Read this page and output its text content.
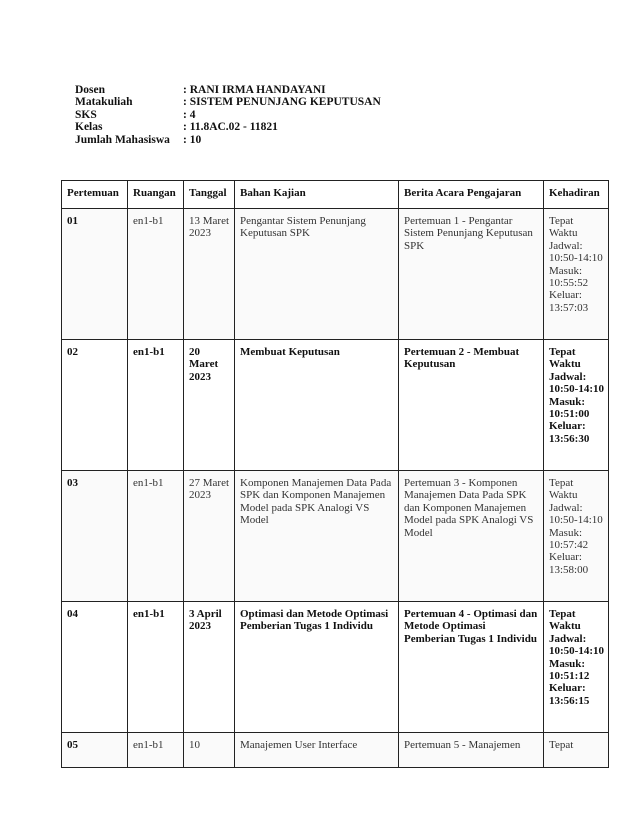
Dosen	: RANI IRMA HANDAYANI
Matakuliah	: SISTEM PENUNJANG KEPUTUSAN
SKS	: 4
Kelas	: 11.8AC.02 - 11821
Jumlah Mahasiswa	: 10
Pertemuan	Ruangan	Tanggal	Bahan Kajian	Berita Acara Pengajaran	Kehadiran
01	en1-b1	13 Maret 2023	Pengantar Sistem Penunjang Keputusan SPK	Pertemuan 1 - Pengantar Sistem Penunjang Keputusan SPK	Tepat Waktu Jadwal: 10:50-14:10 Masuk: 10:55:52 Keluar: 13:57:03
02	en1-b1	20 Maret 2023	Membuat Keputusan	Pertemuan 2 - Membuat Keputusan	Tepat Waktu Jadwal: 10:50-14:10 Masuk: 10:51:00 Keluar: 13:56:30
03	en1-b1	27 Maret 2023	Komponen Manajemen Data Pada SPK dan Komponen Manajemen Model pada SPK Analogi VS Model	Pertemuan 3 - Komponen Manajemen Data Pada SPK dan Komponen Manajemen Model pada SPK Analogi VS Model	Tepat Waktu Jadwal: 10:50-14:10 Masuk: 10:57:42 Keluar: 13:58:00
04	en1-b1	3 April 2023	Optimasi dan Metode Optimasi Pemberian Tugas 1 Individu	Pertemuan 4 - Optimasi dan Metode Optimasi Pemberian Tugas 1 Individu	Tepat Waktu Jadwal: 10:50-14:10 Masuk: 10:51:12 Keluar: 13:56:15
05	en1-b1	10	Manajemen User Interface	Pertemuan 5 - Manajemen	Tepat
